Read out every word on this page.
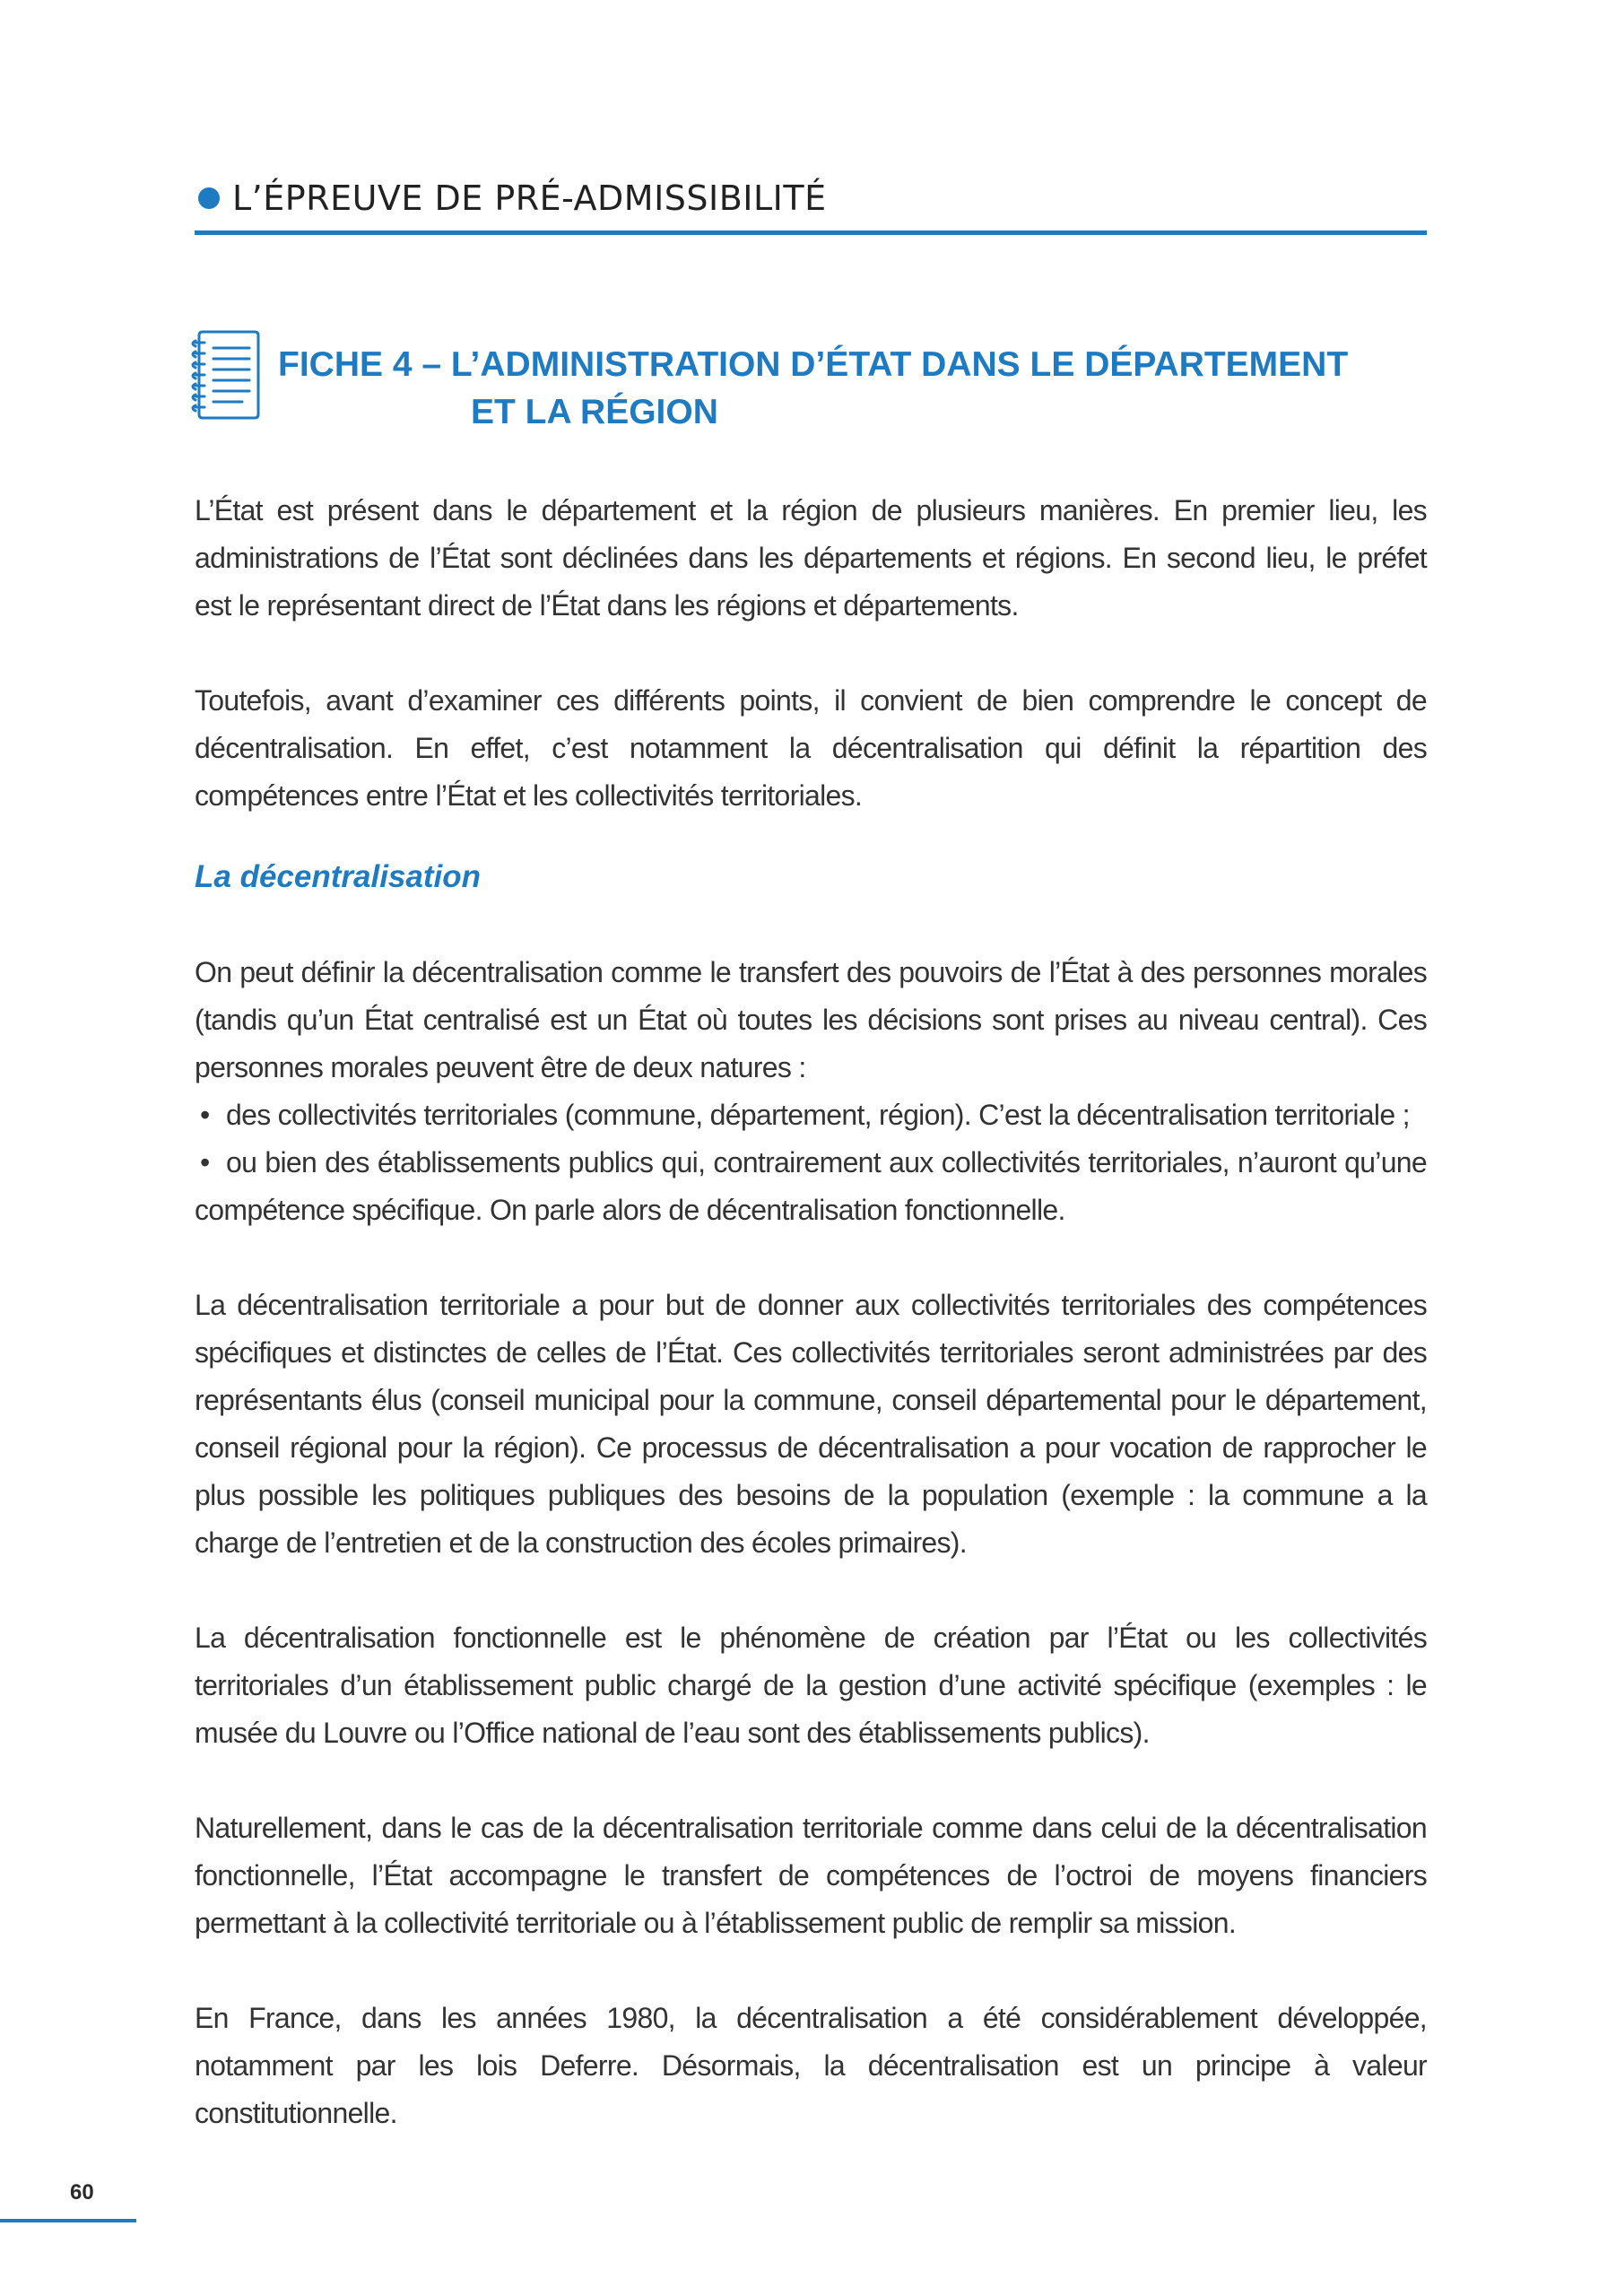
L’ÉPREUVE DE PRÉ-ADMISSIBILITÉ
FICHE 4 – L’ADMINISTRATION D’ÉTAT DANS LE DÉPARTEMENT
ET LA RÉGION

L’État est présent dans le département et la région de plusieurs manières. En premier lieu, les administrations de l’État sont déclinées dans les départements et régions. En second lieu, le préfet est le représentant direct de l’État dans les régions et départements.

Toutefois, avant d’examiner ces différents points, il convient de bien comprendre le concept de décentralisation. En effet, c’est notamment la décentralisation qui définit la répartition des compétences entre l’État et les collectivités territoriales.

La décentralisation

On peut définir la décentralisation comme le transfert des pouvoirs de l’État à des personnes morales (tandis qu’un État centralisé est un État où toutes les décisions sont prises au niveau central). Ces personnes morales peuvent être de deux natures :

• des collectivités territoriales (commune, département, région). C’est la décentralisation territoriale ;
• ou bien des établissements publics qui, contrairement aux collectivités territoriales, n’auront qu’une compétence spécifique. On parle alors de décentralisation fonctionnelle.

La décentralisation territoriale a pour but de donner aux collectivités territoriales des compétences spécifiques et distinctes de celles de l’État. Ces collectivités territoriales seront administrées par des représentants élus (conseil municipal pour la commune, conseil départemental pour le département, conseil régional pour la région). Ce processus de décentralisation a pour vocation de rapprocher le plus possible les politiques publiques des besoins de la population (exemple : la commune a la charge de l’entretien et de la construction des écoles primaires).

La décentralisation fonctionnelle est le phénomène de création par l’État ou les collectivités territoriales d’un établissement public chargé de la gestion d’une activité spécifique (exemples : le musée du Louvre ou l’Office national de l’eau sont des établissements publics).

Naturellement, dans le cas de la décentralisation territoriale comme dans celui de la décentralisation fonctionnelle, l’État accompagne le transfert de compétences de l’octroi de moyens financiers permettant à la collectivité territoriale ou à l’établissement public de remplir sa mission.

En France, dans les années 1980, la décentralisation a été considérablement développée, notamment par les lois Deferre. Désormais, la décentralisation est un principe à valeur constitutionnelle.

60
